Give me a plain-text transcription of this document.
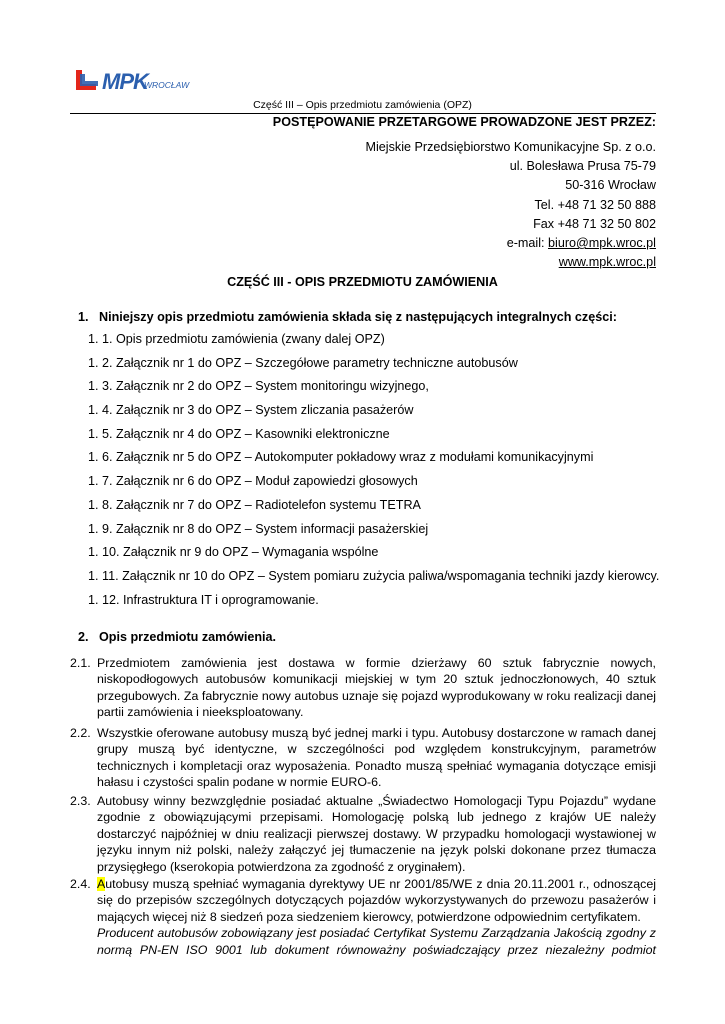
MPK
WROCŁAW
Część III – Opis przedmiotu zamówienia (OPZ)
POSTĘPOWANIE PRZETARGOWE PROWADZONE JEST PRZEZ:
Miejskie Przedsiębiorstwo Komunikacyjne Sp. z o.o.
ul. Bolesława Prusa 75-79
50-316 Wrocław
Tel. +48 71 32 50 888
Fax +48 71 32 50 802
e-mail: biuro@mpk.wroc.pl
www.mpk.wroc.pl
CZĘŚĆ III - OPIS PRZEDMIOTU ZAMÓWIENIA
1.   Niniejszy opis przedmiotu zamówienia składa się z następujących integralnych części:
1. 1. Opis przedmiotu zamówienia (zwany dalej OPZ)
1. 2. Załącznik nr 1 do OPZ – Szczegółowe parametry techniczne autobusów
1. 3. Załącznik nr 2 do OPZ – System monitoringu wizyjnego,
1. 4. Załącznik nr 3 do OPZ – System zliczania pasażerów
1. 5. Załącznik nr 4 do OPZ – Kasowniki elektroniczne
1. 6. Załącznik nr 5 do OPZ – Autokomputer pokładowy wraz z modułami komunikacyjnymi
1. 7. Załącznik nr 6 do OPZ – Moduł zapowiedzi głosowych
1. 8. Załącznik nr 7 do OPZ – Radiotelefon systemu TETRA
1. 9. Załącznik nr 8 do OPZ – System informacji pasażerskiej
1. 10. Załącznik nr 9 do OPZ – Wymagania wspólne
1. 11. Załącznik nr 10 do OPZ – System pomiaru zużycia paliwa/wspomagania techniki jazdy kierowcy.
1. 12. Infrastruktura IT i oprogramowanie.
2.   Opis przedmiotu zamówienia.
2.1. Przedmiotem zamówienia jest dostawa w formie dzierżawy 60 sztuk fabrycznie nowych, niskopodłogowych autobusów komunikacji miejskiej w tym 20 sztuk jednoczłonowych, 40 sztuk przegubowych. Za fabrycznie nowy autobus uznaje się pojazd wyprodukowany w roku realizacji danej partii zamówienia i nieeksploatowany.
2.2. Wszystkie oferowane autobusy muszą być jednej marki i typu. Autobusy dostarczone w ramach danej grupy muszą być identyczne, w szczególności pod względem konstrukcyjnym, parametrów technicznych i kompletacji oraz wyposażenia. Ponadto muszą spełniać wymagania dotyczące emisji hałasu i czystości spalin podane w normie EURO-6.
2.3. Autobusy winny bezwzględnie posiadać aktualne „Świadectwo Homologacji Typu Pojazdu” wydane zgodnie z obowiązującymi przepisami. Homologację polską lub jednego z krajów UE należy dostarczyć najpóźniej w dniu realizacji pierwszej dostawy. W przypadku homologacji wystawionej w języku innym niż polski, należy załączyć jej tłumaczenie na język polski dokonane przez tłumacza przysięgłego (kserokopia potwierdzona za zgodność z oryginałem).
2.4. Autobusy muszą spełniać wymagania dyrektywy UE nr 2001/85/WE z dnia 20.11.2001 r., odnoszącej się do przepisów szczególnych dotyczących pojazdów wykorzystywanych do przewozu pasażerów i mających więcej niż 8 siedzeń poza siedzeniem kierowcy, potwierdzone odpowiednim certyfikatem.
Producent autobusów zobowiązany jest posiadać Certyfikat Systemu Zarządzania Jakością zgodny z normą PN-EN ISO 9001 lub dokument równoważny poświadczający przez niezależny podmiot
